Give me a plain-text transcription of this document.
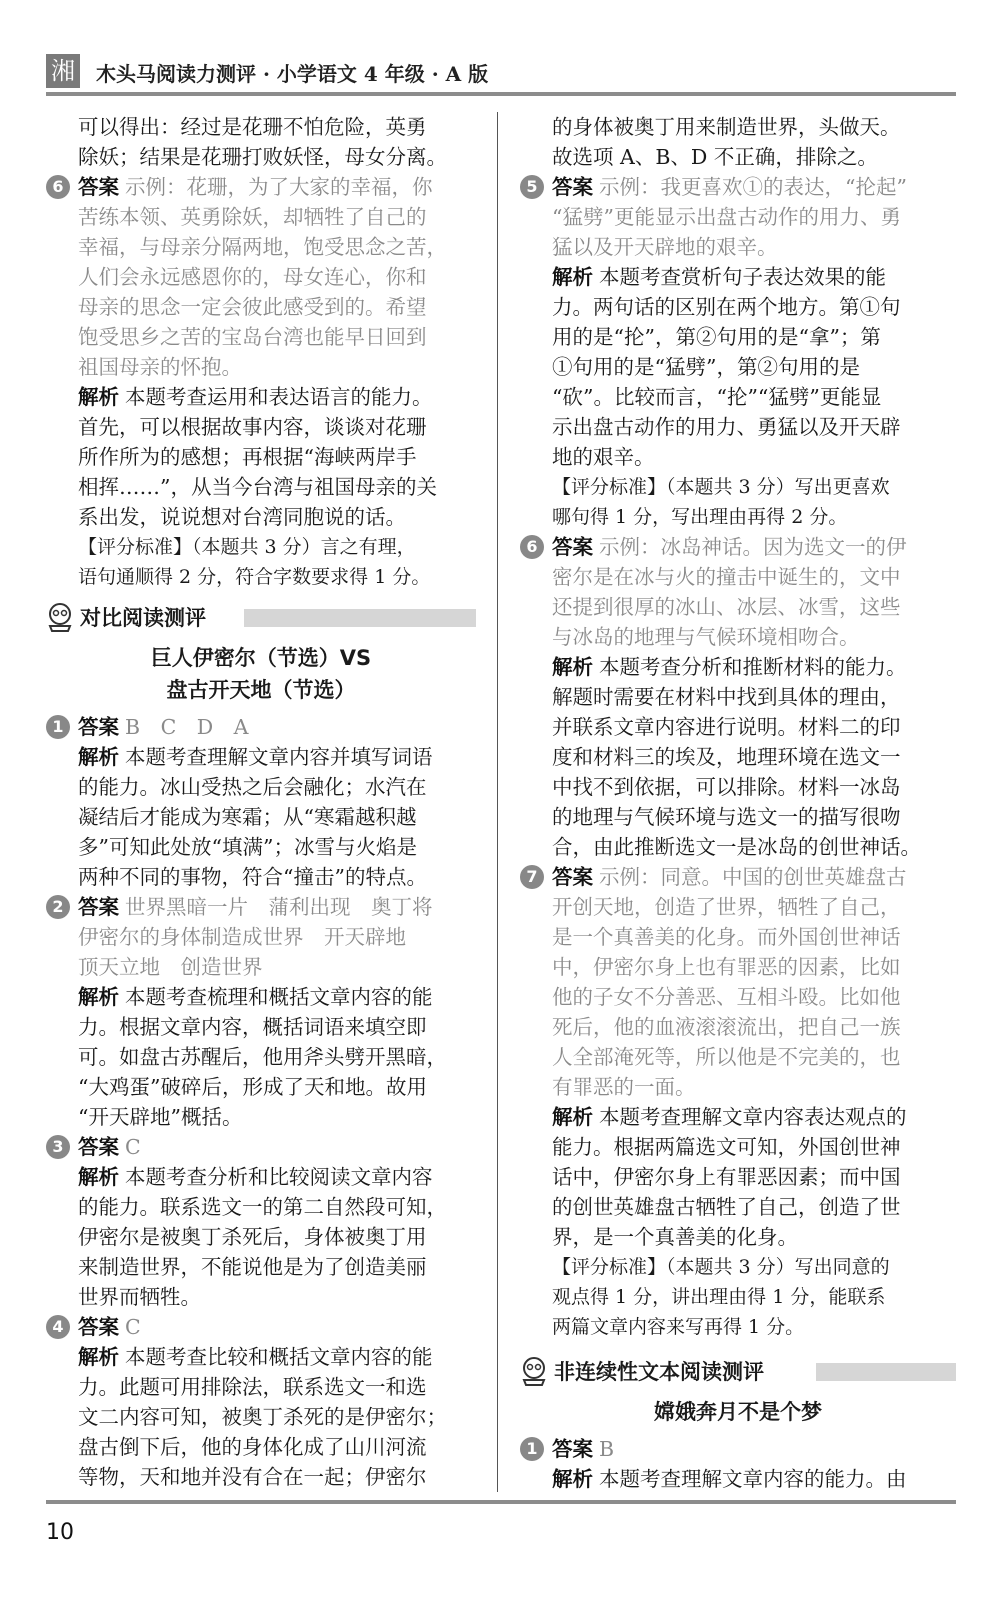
湘 木头马阅读力测评 · 小学语文 4 年级 · A 版

可以得出：经过是花珊不怕危险，英勇

除妖；结果是花珊打败妖怪，母女分离。

6 答案 示例：花珊，为了大家的幸福，你

苦练本领、英勇除妖，却牺牲了自己的

幸福，与母亲分隔两地，饱受思念之苦，

人们会永远感恩你的，母女连心，你和

母亲的思念一定会彼此感受到的。希望

饱受思乡之苦的宝岛台湾也能早日回到

祖国母亲的怀抱。

解析 本题考查运用和表达语言的能力。

首先，可以根据故事内容，谈谈对花珊

所作所为的感想；再根据“海峡两岸手

相挥……”，从当今台湾与祖国母亲的关

系出发，说说想对台湾同胞说的话。

【评分标准】（本题共 3 分）言之有理，

语句通顺得 2 分，符合字数要求得 1 分。

对比阅读测评

巨人伊密尔（节选）VS

盘古开天地（节选）

1 答案 B　C　D　A

解析 本题考查理解文章内容并填写词语

的能力。冰山受热之后会融化；水汽在

凝结后才能成为寒霜；从“寒霜越积越

多”可知此处放“填满”；冰雪与火焰是

两种不同的事物，符合“撞击”的特点。

2 答案 世界黑暗一片　蒲利出现　奥丁将

伊密尔的身体制造成世界　开天辟地

顶天立地　创造世界

解析 本题考查梳理和概括文章内容的能

力。根据文章内容，概括词语来填空即

可。如盘古苏醒后，他用斧头劈开黑暗，

“大鸡蛋”破碎后，形成了天和地。故用

“开天辟地”概括。

3 答案 C

解析 本题考查分析和比较阅读文章内容

的能力。联系选文一的第二自然段可知，

伊密尔是被奥丁杀死后，身体被奥丁用

来制造世界，不能说他是为了创造美丽

世界而牺牲。

4 答案 C

解析 本题考查比较和概括文章内容的能

力。此题可用排除法，联系选文一和选

文二内容可知，被奥丁杀死的是伊密尔；

盘古倒下后，他的身体化成了山川河流

等物，天和地并没有合在一起；伊密尔

的身体被奥丁用来制造世界，头做天。

故选项 A、B、D 不正确，排除之。

5 答案 示例：我更喜欢①的表达，“抡起”

“猛劈”更能显示出盘古动作的用力、勇

猛以及开天辟地的艰辛。

解析 本题考查赏析句子表达效果的能

力。两句话的区别在两个地方。第①句

用的是“抡”，第②句用的是“拿”；第

①句用的是“猛劈”，第②句用的是

“砍”。比较而言，“抡”“猛劈”更能显

示出盘古动作的用力、勇猛以及开天辟

地的艰辛。

【评分标准】（本题共 3 分）写出更喜欢

哪句得 1 分，写出理由再得 2 分。

6 答案 示例：冰岛神话。因为选文一的伊

密尔是在冰与火的撞击中诞生的，文中

还提到很厚的冰山、冰层、冰雪，这些

与冰岛的地理与气候环境相吻合。

解析 本题考查分析和推断材料的能力。

解题时需要在材料中找到具体的理由，

并联系文章内容进行说明。材料二的印

度和材料三的埃及，地理环境在选文一

中找不到依据，可以排除。材料一冰岛

的地理与气候环境与选文一的描写很吻

合，由此推断选文一是冰岛的创世神话。

7 答案 示例：同意。中国的创世英雄盘古

开创天地，创造了世界，牺牲了自己，

是一个真善美的化身。而外国创世神话

中，伊密尔身上也有罪恶的因素，比如

他的子女不分善恶、互相斗殴。比如他

死后，他的血液滚滚流出，把自己一族

人全部淹死等，所以他是不完美的，也

有罪恶的一面。

解析 本题考查理解文章内容表达观点的

能力。根据两篇选文可知，外国创世神

话中，伊密尔身上有罪恶因素；而中国

的创世英雄盘古牺牲了自己，创造了世

界，是一个真善美的化身。

【评分标准】（本题共 3 分）写出同意的

观点得 1 分，讲出理由得 1 分，能联系

两篇文章内容来写再得 1 分。

非连续性文本阅读测评

嫦娥奔月不是个梦

1 答案 B

解析 本题考查理解文章内容的能力。由

10
